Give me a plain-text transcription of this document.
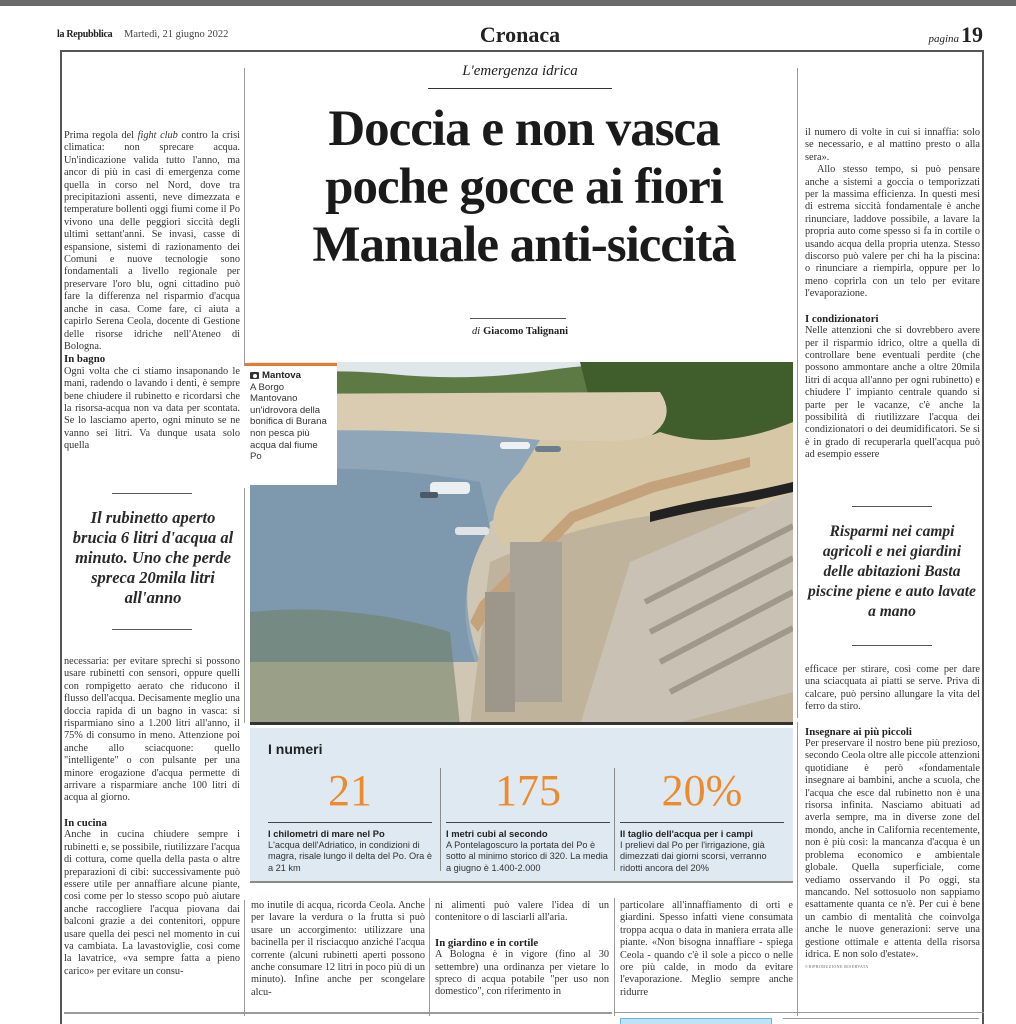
la Repubblica Martedì, 21 giugno 2022	Cronaca	pagina19

Prima regola del fight club contro la crisi climatica: non sprecare acqua. Un'indicazione valida tutto l'anno, ma ancor di più in casi di emergenza come quella in corso nel Nord, dove tra precipitazioni assenti, neve dimezzata e temperature bollenti oggi fiumi come il Po vivono una delle peggiori siccità degli ultimi settant'anni. Se invasi, casse di espansione, sistemi di razionamento dei Comuni e nuove tecnologie sono fondamentali a livello regionale per preservare l'oro blu, ogni cittadino può fare la differenza nel risparmio d'acqua anche in casa. Come fare, ci aiuta a capirlo Serena Ceola, docente di Gestione delle risorse idriche nell'Ateneo di Bologna.

In bagno

Ogni volta che ci stiamo insaponando le mani, radendo o lavando i denti, è sempre bene chiudere il rubinetto e ricordarsi che la risorsa-acqua non va data per scontata. Se lo lasciamo aperto, ogni minuto se ne vanno sei litri. Va dunque usata solo quella

Il rubinetto aperto brucia 6 litri d'acqua al minuto. Uno che perde spreca 20mila litri all'anno

necessaria: per evitare sprechi si possono usare rubinetti con sensori, oppure quelli con rompigetto aerato che riducono il flusso dell'acqua. Decisamente meglio una doccia rapida di un bagno in vasca: si risparmiano sino a 1.200 litri all'anno, il 75% di consumo in meno. Attenzione poi anche allo sciacquone: quello "intelligente" o con pulsante per una minore erogazione d'acqua permette di arrivare a risparmiare anche 100 litri di acqua al giorno.

In cucina

Anche in cucina chiudere sempre i rubinetti e, se possibile, riutilizzare l'acqua di cottura, come quella della pasta o altre preparazioni di cibi: successivamente può essere utile per annaffiare alcune piante, così come per lo stesso scopo può aiutare anche raccogliere l'acqua piovana dai balconi grazie a dei contenitori, oppure usare quella dei pesci nel momento in cui va cambiata. La lavastoviglie, così come la lavatrice, «va sempre fatta a pieno carico» per evitare un consu-

L'emergenza idrica
Doccia e non vasca
poche gocce ai fiori
Manuale anti-siccità
di Giacomo Talignani
Mantova
A Borgo Mantovano un'idrovora della bonifica di Burana non pesca più acqua dal fiume Po
I numeri
21
I chilometri di mare nel Po
L'acqua dell'Adriatico, in condizioni di magra, risale lungo il delta del Po. Ora è a 21 km
175
I metri cubi al secondo
A Pontelagoscuro la portata del Po è sotto al minimo storico di 320. La media a giugno è 1.400-2.000
20%
Il taglio dell'acqua per i campi
I prelievi dal Po per l'irrigazione, già dimezzati dai giorni scorsi, verranno ridotti ancora del 20%

mo inutile di acqua, ricorda Ceola. Anche per lavare la verdura o la frutta si può usare un accorgimento: utilizzare una bacinella per il risciacquo anziché l'acqua corrente (alcuni rubinetti aperti possono anche consumare 12 litri in poco più di un minuto). Infine anche per scongelare alcu-

ni alimenti può valere l'idea di un contenitore o di lasciarli all'aria.

In giardino e in cortile

A Bologna è in vigore (fino al 30 settembre) una ordinanza per vietare lo spreco di acqua potabile "per uso non domestico", con riferimento in

particolare all'innaffiamento di orti e giardini. Spesso infatti viene consumata troppa acqua o data in maniera errata alle piante. «Non bisogna innaffiare - spiega Ceola - quando c'è il sole a picco o nelle ore più calde, in modo da evitare l'evaporazione. Meglio sempre anche ridurre

il numero di volte in cui si innaffia: solo se necessario, e al mattino presto o alla sera».

Allo stesso tempo, si può pensare anche a sistemi a goccia o temporizzati per la massima efficienza. In questi mesi di estrema siccità fondamentale è anche rinunciare, laddove possibile, a lavare la propria auto come spesso si fa in cortile o usando acqua della propria utenza. Stesso discorso può valere per chi ha la piscina: o rinunciare a riempirla, oppure per lo meno coprirla con un telo per evitare l'evaporazione.

I condizionatori

Nelle attenzioni che si dovrebbero avere per il risparmio idrico, oltre a quella di controllare bene eventuali perdite (che possono ammontare anche a oltre 20mila litri di acqua all'anno per ogni rubinetto) e chiudere l' impianto centrale quando si parte per le vacanze, c'è anche la possibilità di riutilizzare l'acqua dei condizionatori o dei deumidificatori. Se si è in grado di recuperarla quell'acqua può ad esempio essere

Risparmi nei campi agricoli e nei giardini delle abitazioni Basta piscine piene e auto lavate a mano

efficace per stirare, così come per dare una sciacquata ai piatti se serve. Priva di calcare, può persino allungare la vita del ferro da stiro.

Insegnare ai più piccoli

Per preservare il nostro bene più prezioso, secondo Ceola oltre alle piccole attenzioni quotidiane è però «fondamentale insegnare ai bambini, anche a scuola, che l'acqua che esce dal rubinetto non è una risorsa infinita. Nasciamo abituati ad averla sempre, ma in diverse zone del mondo, anche in California recentemente, non è più così: la mancanza d'acqua è un problema economico e ambientale globale. Quella superficiale, come vediamo osservando il Po oggi, sta mancando. Nel sottosuolo non sappiamo esattamente quanta ce n'è. Per cui è bene un cambio di mentalità che coinvolga anche le nuove generazioni: serve una gestione ottimale e attenta della risorsa idrica. E non solo d'estate».

©RIPRODUZIONE RISERVATA
